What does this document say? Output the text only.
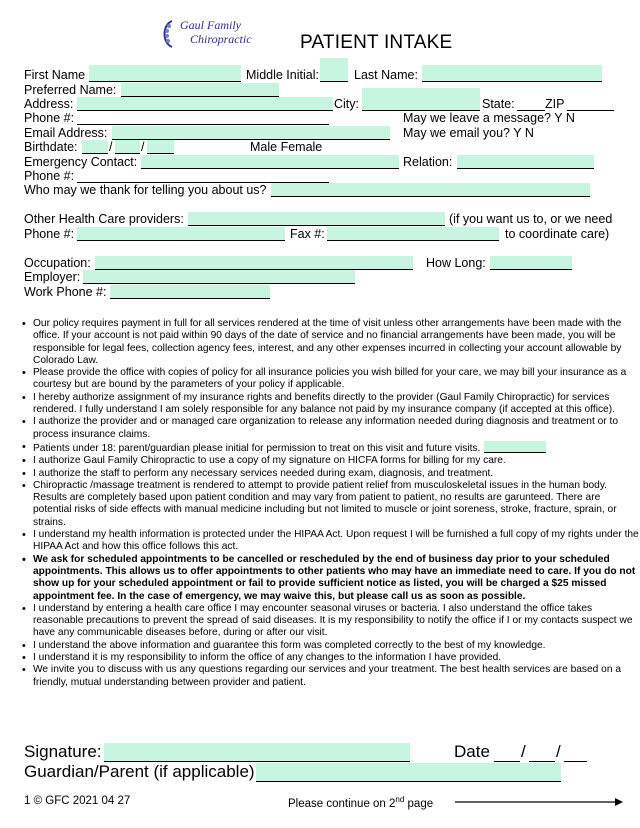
Gaul Family
Chiropractic	PATIENT INTAKE
First Name	Middle Initial:	Last Name:
Preferred Name:
Address:	City:	State: ZIP
Phone #:	May we leave a message? Y N
Email Address:	May we email you? Y N
Birthdate:	/ /	Male Female
Emergency Contact:	Relation:
Phone #:
Who may we thank for telling you about us?
Other Health Care providers:	(if you want us to, or we need
Phone #:	Fax #:	to coordinate care)
Occupation:	How Long:
Employer:
Work Phone #:
• Our policy requires payment in full for all services rendered at the time of visit unless other arrangements have been made with the office. If your account is not paid within 90 days of the date of service and no financial arrangements have been made, you will be responsible for legal fees, collection agency fees, interest, and any other expenses incurred in collecting your account allowable by Colorado Law.
• Please provide the office with copies of policy for all insurance policies you wish billed for your care, we may bill your insurance as a courtesy but are bound by the parameters of your policy if applicable.
• I hereby authorize assignment of my insurance rights and benefits directly to the provider (Gaul Family Chiropractic) for services rendered. I fully understand I am solely responsible for any balance not paid by my insurance company (if accepted at this office).
• I authorize the provider and or managed care organization to release any information needed during diagnosis and treatment or to process insurance claims.
• Patients under 18: parent/guardian please initial for permission to treat on this visit and future visits.
• I authorize Gaul Family Chiropractic to use a copy of my signature on HICFA forms for billing for my care.
• I authorize the staff to perform any necessary services needed during exam, diagnosis, and treatment.
• Chiropractic /massage treatment is rendered to attempt to provide patient relief from musculoskeletal issues in the human body. Results are completely based upon patient condition and may vary from patient to patient, no results are garunteed. There are potential risks of side effects with manual medicine including but not limited to muscle or joint soreness, stroke, fracture, sprain, or strains.
• I understand my health information is protected under the HIPAA Act. Upon request I will be furnished a full copy of my rights under the HIPAA Act and how this office follows this act.
• We ask for scheduled appointments to be cancelled or rescheduled by the end of business day prior to your scheduled appointments. This allows us to offer appointments to other patients who may have an immediate need to care. If you do not show up for your scheduled appointment or fail to provide sufficient notice as listed, you will be charged a $25 missed appointment fee. In the case of emergency, we may waive this, but please call us as soon as possible.
• I understand by entering a health care office I may encounter seasonal viruses or bacteria. I also understand the office takes reasonable precautions to prevent the spread of said diseases. It is my responsibility to notify the office if I or my contacts suspect we have any communicable diseases before, during or after our visit.
• I understand the above information and guarantee this form was completed correctly to the best of my knowledge.
• I understand it is my responsibility to inform the office of any changes to the information I have provided.
• We invite you to discuss with us any questions regarding our services and your treatment. The best health services are based on a friendly, mutual understanding between provider and patient.
Signature:	Date / /
Guardian/Parent (if applicable)
1 © GFC 2021 04 27	Please continue on 2nd page
